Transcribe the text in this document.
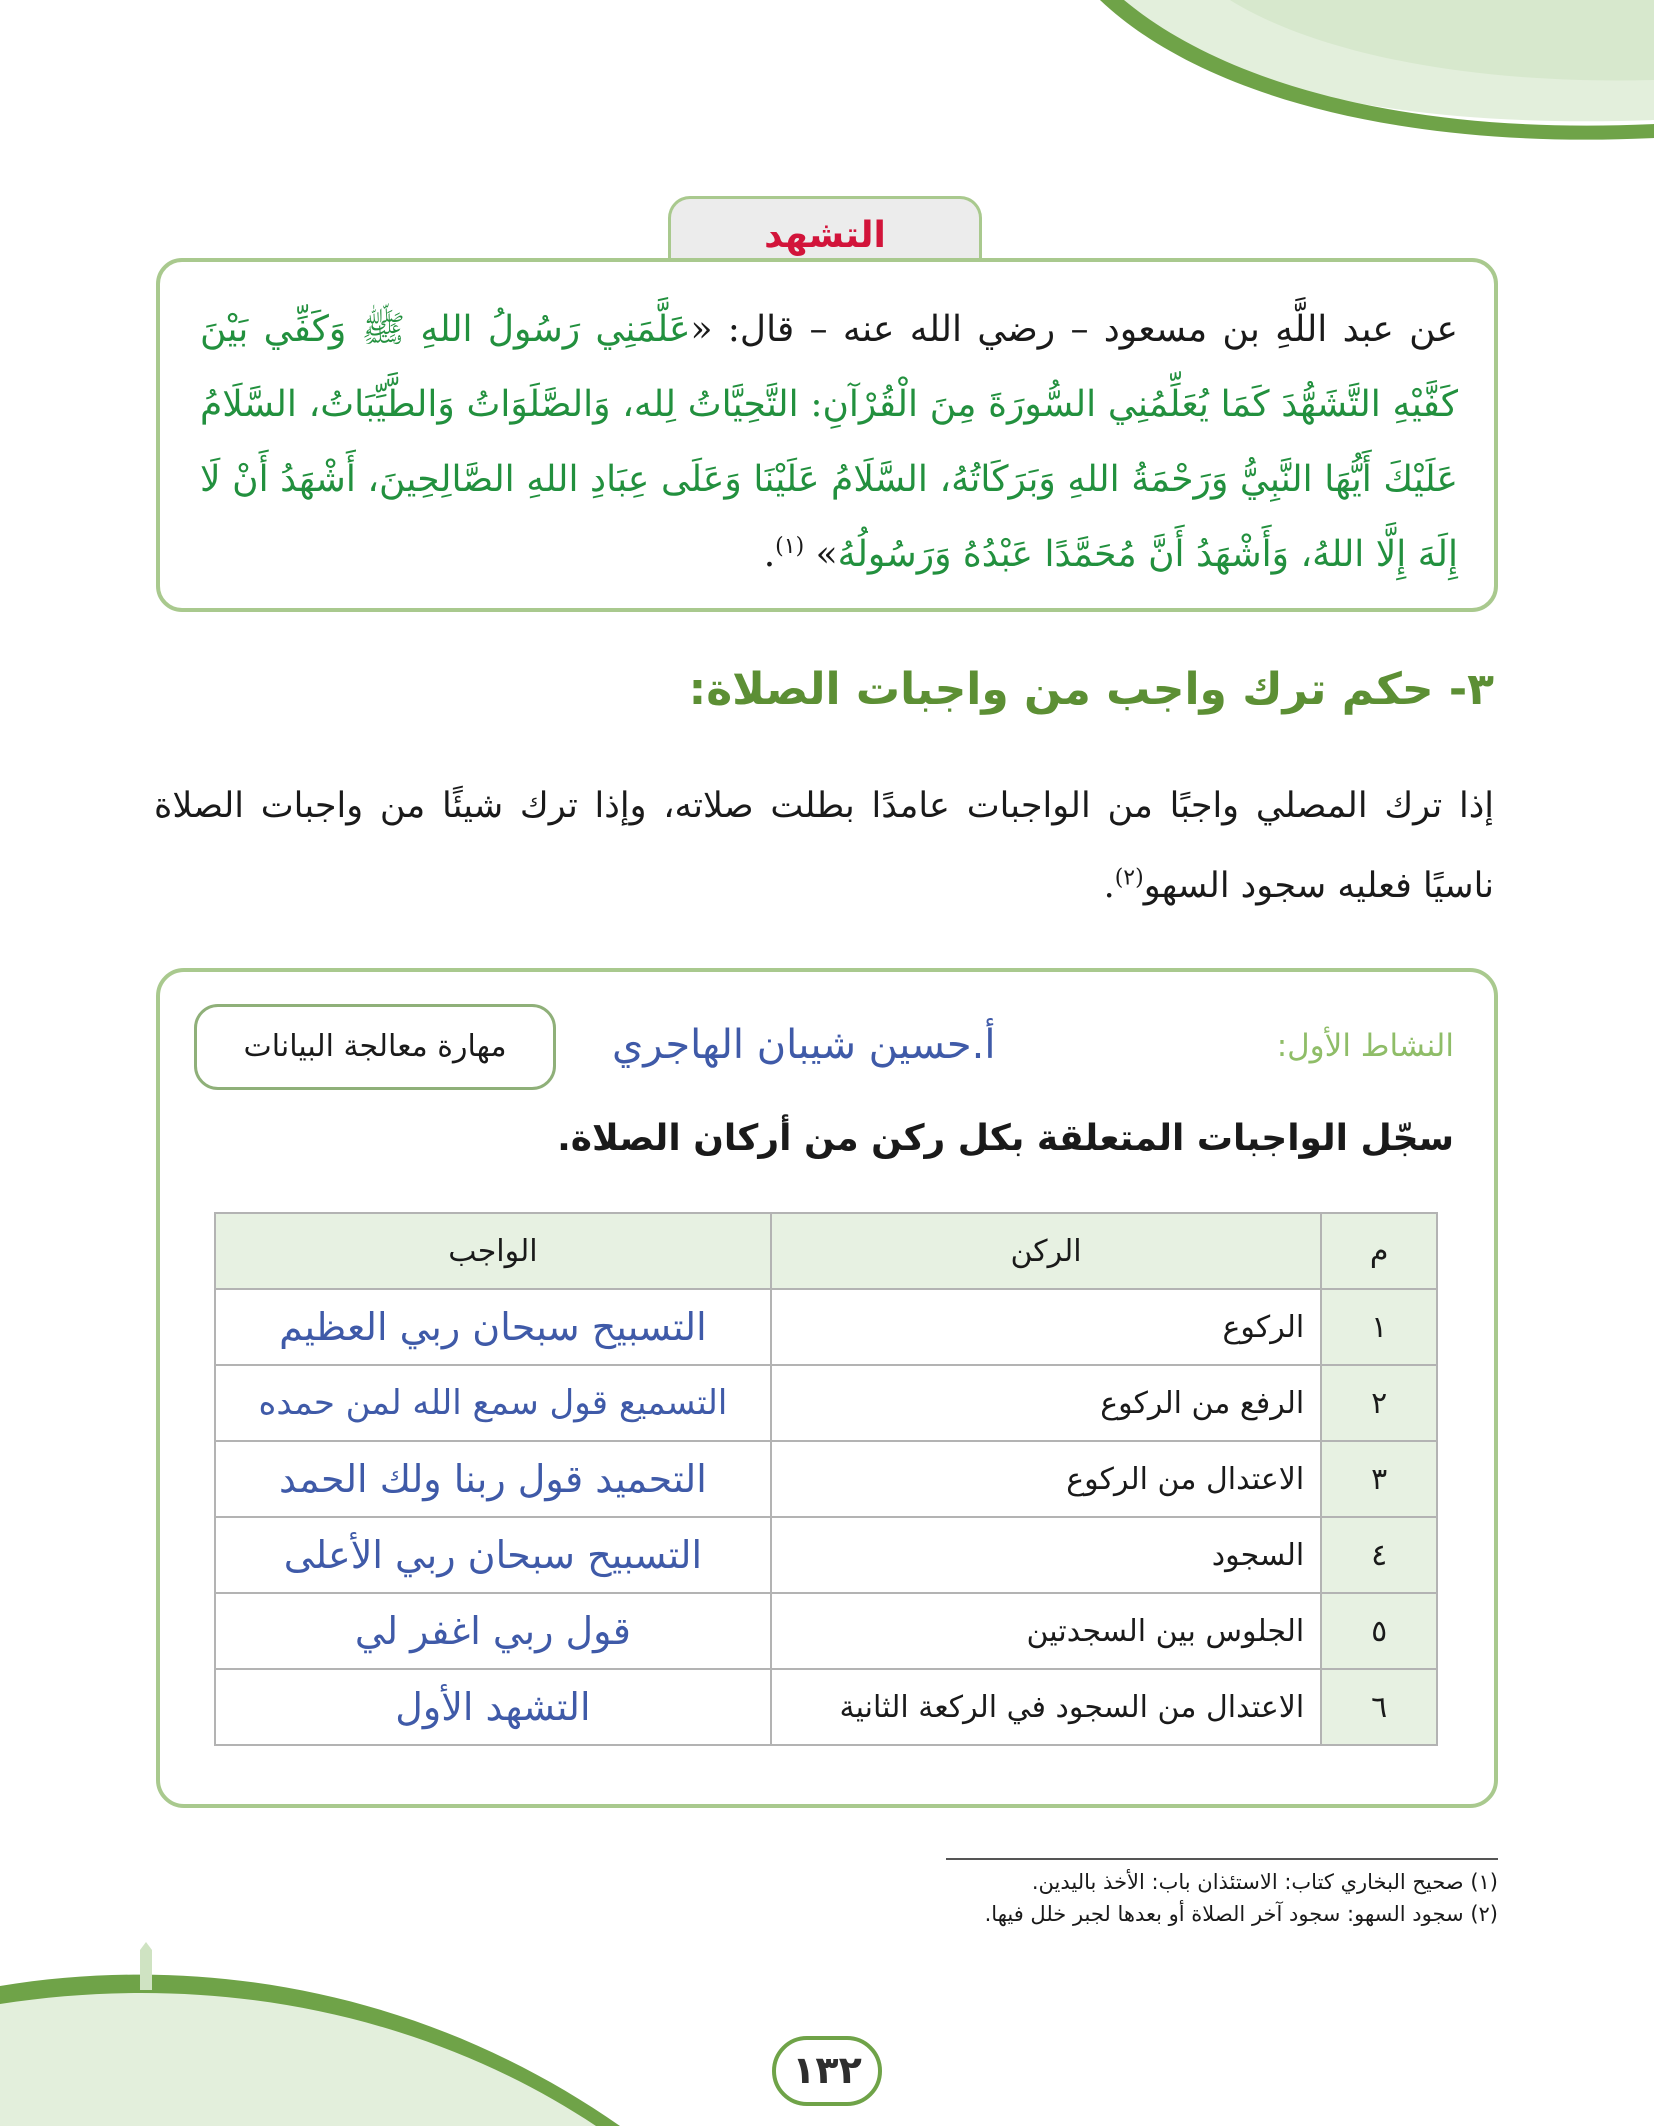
التشهد
عن عبد اللَّهِ بن مسعود – رضي الله عنه – قال: «عَلَّمَنِي رَسُولُ اللهِ ﷺ وَكَفِّي بَيْنَ كَفَّيْهِ التَّشَهُّدَ كَمَا يُعَلِّمُنِي السُّورَةَ مِنَ الْقُرْآنِ: التَّحِيَّاتُ لِله، وَالصَّلَوَاتُ وَالطَّيِّبَاتُ، السَّلَامُ عَلَيْكَ أَيُّهَا النَّبِيُّ وَرَحْمَةُ اللهِ وَبَرَكَاتُهُ، السَّلَامُ عَلَيْنَا وَعَلَى عِبَادِ اللهِ الصَّالِحِينَ، أَشْهَدُ أَنْ لَا إِلَهَ إِلَّا اللهُ، وَأَشْهَدُ أَنَّ مُحَمَّدًا عَبْدُهُ وَرَسُولُهُ» $^{(١)}$.
٣- حكم ترك واجب من واجبات الصلاة:
إذا ترك المصلي واجبًا من الواجبات عامدًا بطلت صلاته، وإذا ترك شيئًا من واجبات الصلاة ناسيًا فعليه سجود السهو$^{(٢)}$.
مهارة معالجة البيانات	النشاط الأول:
أ.حسين شيبان الهاجري
سجّل الواجبات المتعلقة بكل ركن من أركان الصلاة.
م	الركن	الواجب
١	الركوع	التسبيح سبحان ربي العظيم
٢	الرفع من الركوع	التسميع قول سمع الله لمن حمده
٣	الاعتدال من الركوع	التحميد قول ربنا ولك الحمد
٤	السجود	التسبيح سبحان ربي الأعلى
٥	الجلوس بين السجدتين	قول ربي اغفر لي
٦	الاعتدال من السجود في الركعة الثانية	التشهد الأول
(١) صحيح البخاري كتاب: الاستئذان باب: الأخذ باليدين.
(٢) سجود السهو: سجود آخر الصلاة أو بعدها لجبر خلل فيها.
١٣٢
